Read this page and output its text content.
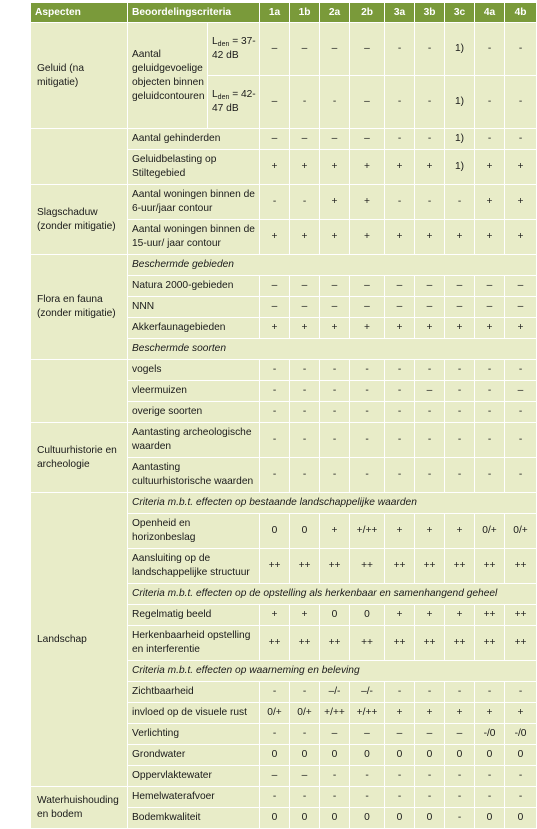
Aspecten	Beoordelingscriteria		1a	1b	2a	2b	3a	3b	3c	4a	4b
Geluid (na mitigatie)	Aantal geluidgevoelige objecten binnen geluidcontouren	$L_{den} = 37-42$ dB	–	–	–	–	-	-	1)	-	-
		$L_{den} = 42-47$ dB	–	-	-	–	-	-	1)	-	-
	Aantal gehinderden		–	–	–	–	-	-	1)	-	-
	Geluidbelasting op Stiltegebied		+	+	+	+	+	+	1)	+	+
Slagschaduw (zonder mitigatie)	Aantal woningen binnen de 6-uur/jaar contour		-	-	+	+	-	-	-	+	+
	Aantal woningen binnen de 15-uur/ jaar contour		+	+	+	+	+	+	+	+	+
Flora en fauna (zonder mitigatie)	Beschermde gebieden										
	Natura 2000-gebieden		–	–	–	–	–	–	–	–	–
	NNN		–	–	–	–	–	–	–	–	–
	Akkerfaunagebieden		+	+	+	+	+	+	+	+	+
	Beschermde soorten										
	vogels		-	-	-	-	-	-	-	-	-
	vleermuizen		-	-	-	-	-	–	-	-	–
	overige soorten		-	-	-	-	-	-	-	-	-
Cultuurhistorie en archeologie	Aantasting archeologische waarden		-	-	-	-	-	-	-	-	-
	Aantasting cultuurhistorische waarden		-	-	-	-	-	-	-	-	-
Landschap	Criteria m.b.t. effecten op bestaande landschappelijke waarden										
	Openheid en horizonbeslag		0	0	+	+/++	+	+	+	0/+	0/+
	Aansluiting op de landschappelijke structuur		++	++	++	++	++	++	++	++	++
	Criteria m.b.t. effecten op de opstelling als herkenbaar en samenhangend geheel										
	Regelmatig beeld		+	+	0	0	+	+	+	++	++
	Herkenbaarheid opstelling en interferentie		++	++	++	++	++	++	++	++	++
	Criteria m.b.t. effecten op waarneming en beleving										
	Zichtbaarheid		-	-	–/-	–/-	-	-	-	-	-
	invloed op de visuele rust		0/+	0/+	+/++	+/++	+	+	+	+	+
	Verlichting		-	-	–	–	–	–	–	-/0	-/0
	Grondwater		0	0	0	0	0	0	0	0	0
	Oppervlaktewater		–	–	-	-	-	-	-	-	-
Waterhuishouding en bodem	Hemelwaterafvoer		-	-	-	-	-	-	-	-	-
	Bodemkwaliteit		0	0	0	0	0	0	-	0	0
